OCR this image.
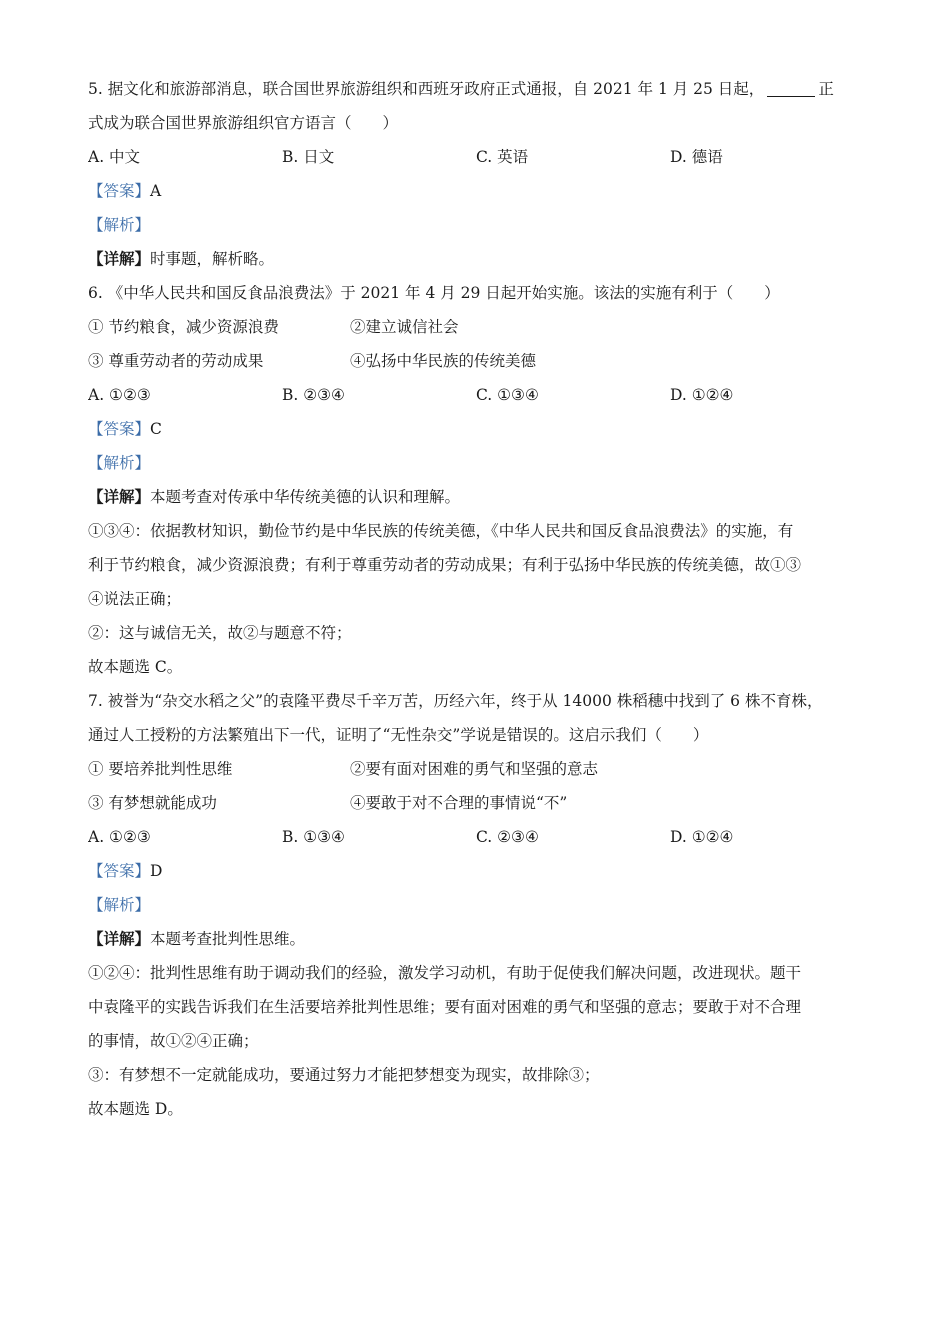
5. 据文化和旅游部消息，联合国世界旅游组织和西班牙政府正式通报，自 2021 年 1 月 25 日起，	正
式成为联合国世界旅游组织官方语言（　　）
A. 中文	B. 日文	C. 英语	D. 德语
【答案】A
【解析】
【详解】时事题，解析略。
6. 《中华人民共和国反食品浪费法》于 2021 年 4 月 29 日起开始实施。该法的实施有利于（　　）
① 节约粮食，减少资源浪费	②建立诚信社会
③ 尊重劳动者的劳动成果	④弘扬中华民族的传统美德
A. ①②③	B. ②③④	C. ①③④	D. ①②④
【答案】C
【解析】
【详解】本题考查对传承中华传统美德的认识和理解。
①③④：依据教材知识，勤俭节约是中华民族的传统美德，《中华人民共和国反食品浪费法》的实施，有
利于节约粮食，减少资源浪费；有利于尊重劳动者的劳动成果；有利于弘扬中华民族的传统美德，故①③
④说法正确；
②：这与诚信无关，故②与题意不符；
故本题选 C。
7. 被誉为“杂交水稻之父”的袁隆平费尽千辛万苦，历经六年，终于从 14000 株稻穗中找到了 6 株不育株，
通过人工授粉的方法繁殖出下一代，证明了“无性杂交”学说是错误的。这启示我们（　　）
① 要培养批判性思维	②要有面对困难的勇气和坚强的意志
③ 有梦想就能成功	④要敢于对不合理的事情说“不”
A. ①②③	B. ①③④	C. ②③④	D. ①②④
【答案】D
【解析】
【详解】本题考查批判性思维。
①②④：批判性思维有助于调动我们的经验，激发学习动机，有助于促使我们解决问题，改进现状。题干
中袁隆平的实践告诉我们在生活要培养批判性思维；要有面对困难的勇气和坚强的意志；要敢于对不合理
的事情，故①②④正确；
③：有梦想不一定就能成功，要通过努力才能把梦想变为现实，故排除③；
故本题选 D。
